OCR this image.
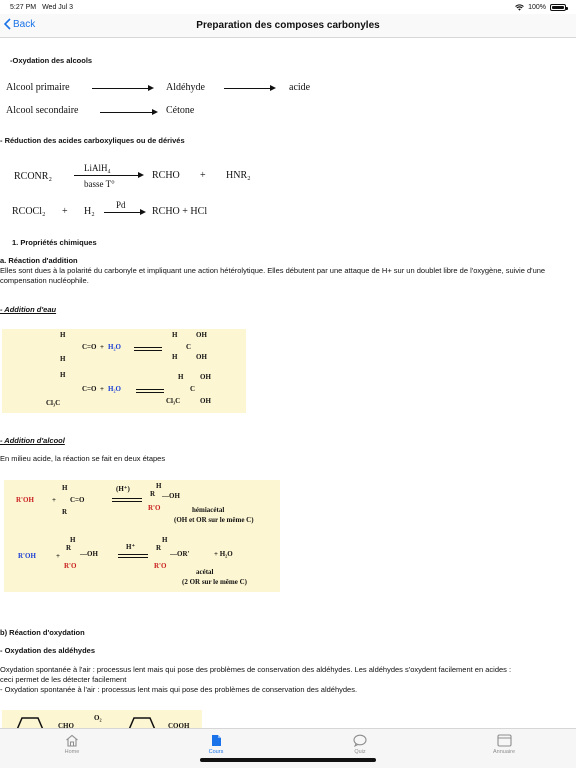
5:27 PM Wed Jul 3	100%
Back	Preparation des composes carbonyles
-Oxydation des alcools
Alcool primaire → Aldéhyde → acide
Alcool secondaire → Cétone
- Réduction des acides carboxyliques ou de dérivés
RCONR₂
LiAlH₄
basse T°
RCHO + HNR₂
RCOCl₂ + H₂
Pd
→ RCHO + HCl
1. Propriétés chimiques
a. Réaction d'addition
Elles sont dues à la polarité du carbonyle et impliquant une action hétérolytique. Elles débutent par une attaque de H+ sur un doublet libre de l'oxygène, suivie d'une
compensation nucléophile.
- Addition d'eau
H
C=O
H
+ H₂O
H	OH
C
H	OH
H
C=O
Cl₃C
+ H₂O
H OH
C
Cl₃C	OH
- Addition d'alcool
En milieu acide, la réaction se fait en deux étapes
R'OH	+
H
C=O
R
(H⁺)	H
R —OH
R'O	hémiacétal
(OH et OR sur le même C)
R'OH	+
H
R
—OH
R'O
H⁺
H
R
—OR'
R'O
+ H₂O
acétal
(2 OR sur le même C)
b) Réaction d'oxydation
- Oxydation des aldéhydes
Oxydation spontanée à l'air : processus lent mais qui pose des problèmes de conservation des aldéhydes. Les aldéhydes s'oxydent facilement en acides :
ceci permet de les détecter facilement
- Oxydation spontanée à l'air : processus lent mais qui pose des problèmes de conservation des aldéhydes.
CHO
O₂
COOH
Home	Cours	Quiz	Annuaire
